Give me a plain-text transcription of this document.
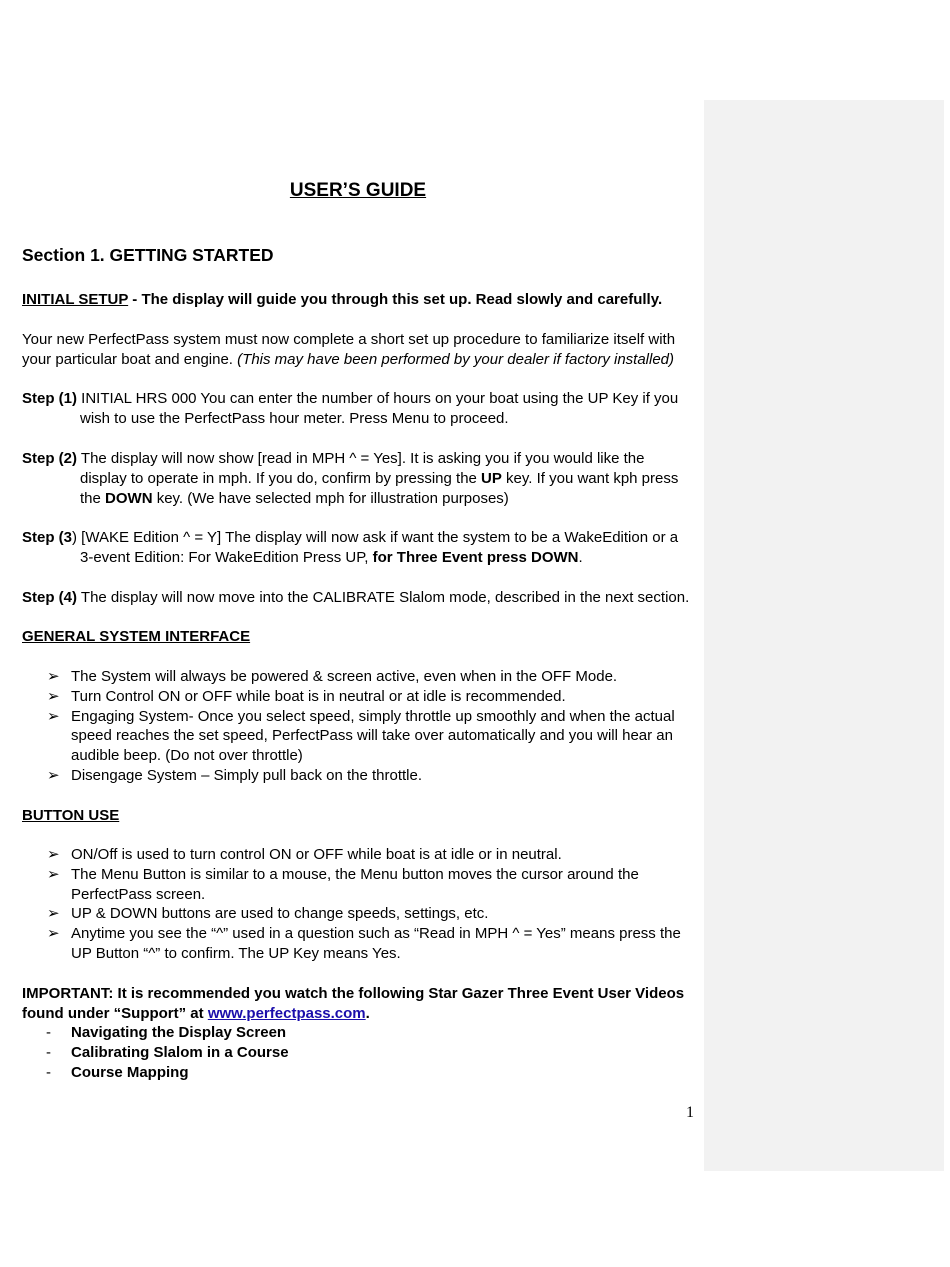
USER’S GUIDE
Section 1. GETTING STARTED
INITIAL SETUP - The display will guide you through this set up. Read slowly and carefully.
Your new PerfectPass system must now complete a short set up procedure to familiarize itself with your particular boat and engine. (This may have been performed by your dealer if factory installed)
Step (1) INITIAL HRS 000 You can enter the number of hours on your boat using the UP Key if you wish to use the PerfectPass hour meter. Press Menu to proceed.
Step (2) The display will now show [read in MPH ^ = Yes]. It is asking you if you would like the display to operate in mph. If you do, confirm by pressing the UP key. If you want kph press the DOWN key. (We have selected mph for illustration purposes)
Step (3) [WAKE Edition ^ = Y] The display will now ask if want the system to be a WakeEdition or a 3-event Edition: For WakeEdition Press UP, for Three Event press DOWN.
Step (4) The display will now move into the CALIBRATE Slalom mode, described in the next section.
GENERAL SYSTEM INTERFACE
➢ The System will always be powered & screen active, even when in the OFF Mode.
➢ Turn Control ON or OFF while boat is in neutral or at idle is recommended.
➢ Engaging System- Once you select speed, simply throttle up smoothly and when the actual speed reaches the set speed, PerfectPass will take over automatically and you will hear an audible beep. (Do not over throttle)
➢ Disengage System – Simply pull back on the throttle.
BUTTON USE
➢ ON/Off is used to turn control ON or OFF while boat is at idle or in neutral.
➢ The Menu Button is similar to a mouse, the Menu button moves the cursor around the PerfectPass screen.
➢ UP & DOWN buttons are used to change speeds, settings, etc.
➢ Anytime you see the “^” used in a question such as “Read in MPH ^ = Yes” means press the UP Button “^” to confirm. The UP Key means Yes.
IMPORTANT: It is recommended you watch the following Star Gazer Three Event User Videos found under “Support” at www.perfectpass.com.
- Navigating the Display Screen
- Calibrating Slalom in a Course
- Course Mapping
1
